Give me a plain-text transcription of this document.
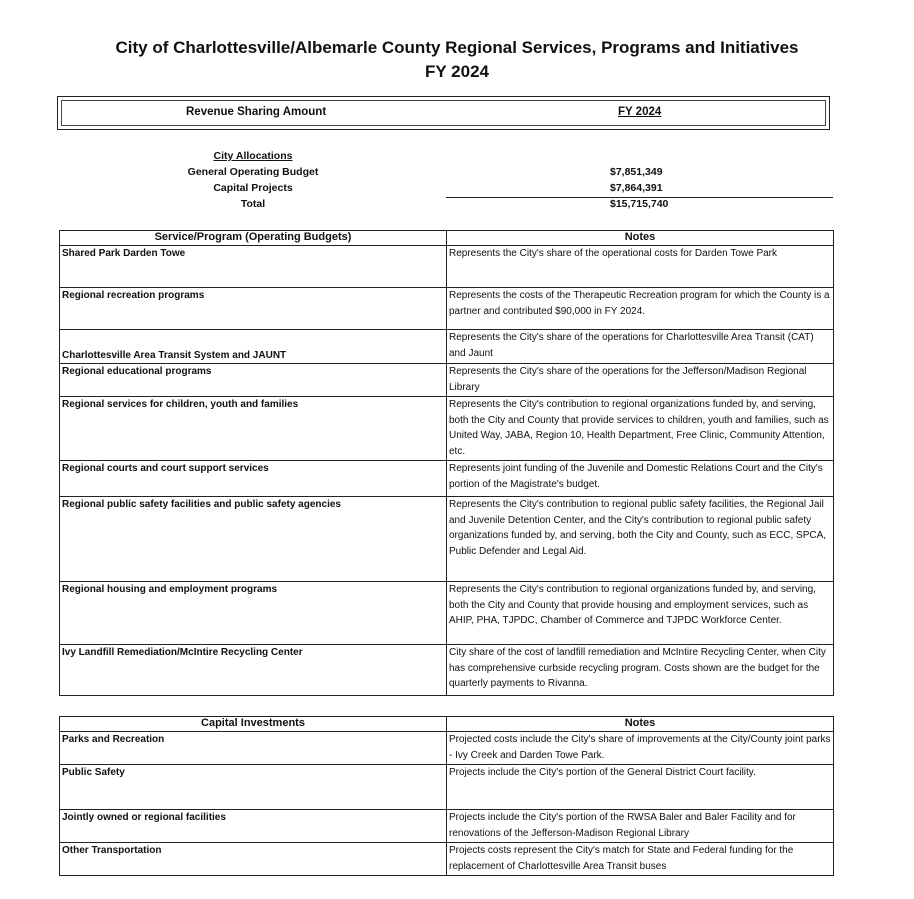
City of Charlottesville/Albemarle County Regional Services, Programs and Initiatives
FY 2024
Revenue Sharing Amount	FY 2024
City Allocations
General Operating Budget	$7,851,349
Capital Projects	$7,864,391
Total	$15,715,740
Service/Program (Operating Budgets)	Notes
Shared Park Darden Towe	Represents the City's share of the operational costs for Darden Towe Park
Regional recreation programs	Represents the costs of the Therapeutic Recreation program for which the County is a partner and contributed $90,000 in FY 2024.
Charlottesville Area Transit System and JAUNT	Represents the City's share of the operations for Charlottesville Area Transit (CAT) and Jaunt
Regional educational programs	Represents the City's share of the operations for the Jefferson/Madison Regional Library
Regional services for children, youth and families	Represents the City's contribution to regional organizations funded by, and serving, both the City and County that provide services to children, youth and families, such as United Way, JABA, Region 10, Health Department, Free Clinic, Community Attention, etc.
Regional courts and court support services	Represents joint funding of the Juvenile and Domestic Relations Court and the City's portion of the Magistrate's budget.
Regional public safety facilities and public safety agencies	Represents the City's contribution to regional public safety facilities, the Regional Jail and Juvenile Detention Center, and the City's contribution to regional public safety organizations funded by, and serving, both the City and County, such as ECC, SPCA, Public Defender and Legal Aid.
Regional housing and employment programs	Represents the City's contribution to regional organizations funded by, and serving, both the City and County that provide housing and employment services, such as AHIP, PHA, TJPDC, Chamber of Commerce and TJPDC Workforce Center.
Ivy Landfill Remediation/McIntire Recycling Center	City share of the cost of landfill remediation and McIntire Recycling Center, when City has comprehensive curbside recycling program. Costs shown are the budget for the quarterly payments to Rivanna.
Capital Investments	Notes
Parks and Recreation	Projected costs include the City's share of improvements at the City/County joint parks - Ivy Creek and Darden Towe Park.
Public Safety	Projects include the City's portion of the General District Court facility.
Jointly owned or regional facilities	Projects include the City's portion of the RWSA Baler and Baler Facility and for renovations of the Jefferson-Madison Regional Library
Other Transportation	Projects costs represent the City's match for State and Federal funding for the replacement of Charlottesville Area Transit buses
